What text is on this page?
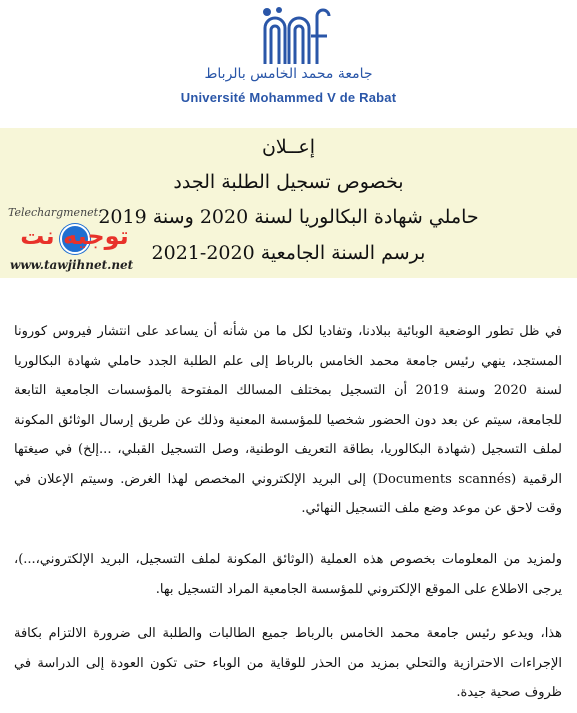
جامعة محمد الخامس بالرباط
Université Mohammed V de Rabat
إعــلان
بخصوص تسجيل الطلبة الجدد
حاملي شهادة البكالوريا لسنة 2020 وسنة 2019
برسم السنة الجامعية 2020-2021
Telechargmenet:
توجيه نت
www.tawjihnet.net
في ظل تطور الوضعية الوبائية ببلادنا، وتفاديا لكل ما من شأنه أن يساعد على انتشار فيروس كورونا المستجد، ينهي رئيس جامعة محمد الخامس بالرباط إلى علم الطلبة الجدد حاملي شهادة البكالوريا لسنة 2020 وسنة 2019 أن التسجيل بمختلف المسالك المفتوحة بالمؤسسات الجامعية التابعة للجامعة، سيتم عن بعد دون الحضور شخصيا للمؤسسة المعنية وذلك عن طريق إرسال الوثائق المكونة لملف التسجيل (شهادة البكالوريا، بطاقة التعريف الوطنية، وصل التسجيل القبلي، ...إلخ) في صيغتها الرقمية (Documents scannés) إلى البريد الإلكتروني المخصص لهذا الغرض. وسيتم الإعلان في وقت لاحق عن موعد وضع ملف التسجيل النهائي.
ولمزيد من المعلومات بخصوص هذه العملية (الوثائق المكونة لملف التسجيل، البريد الإلكتروني،...)، يرجى الاطلاع على الموقع الإلكتروني للمؤسسة الجامعية المراد التسجيل بها.
هذا، ويدعو رئيس جامعة محمد الخامس بالرباط جميع الطالبات والطلبة الى ضرورة الالتزام بكافة الإجراءات الاحترازية والتحلي بمزيد من الحذر للوقاية من الوباء حتى تكون العودة إلى الدراسة في ظروف صحية جيدة.
